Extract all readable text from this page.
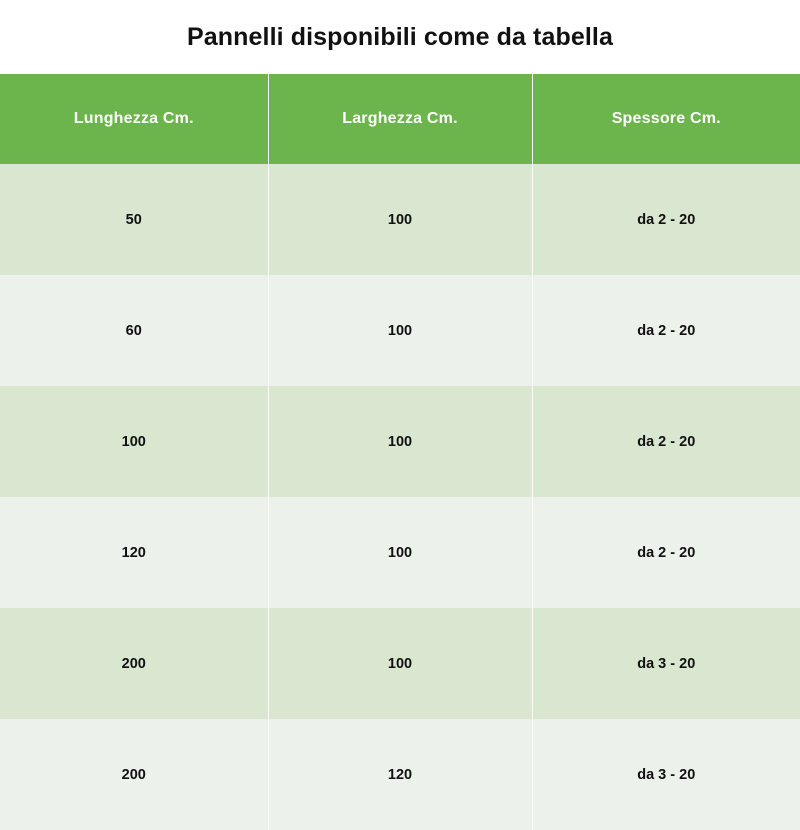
Pannelli disponibili come da tabella
Lunghezza Cm.	Larghezza Cm.	Spessore Cm.
50	100	da 2 - 20
60	100	da 2 - 20
100	100	da 2 - 20
120	100	da 2 - 20
200	100	da 3 - 20
200	120	da 3 - 20
